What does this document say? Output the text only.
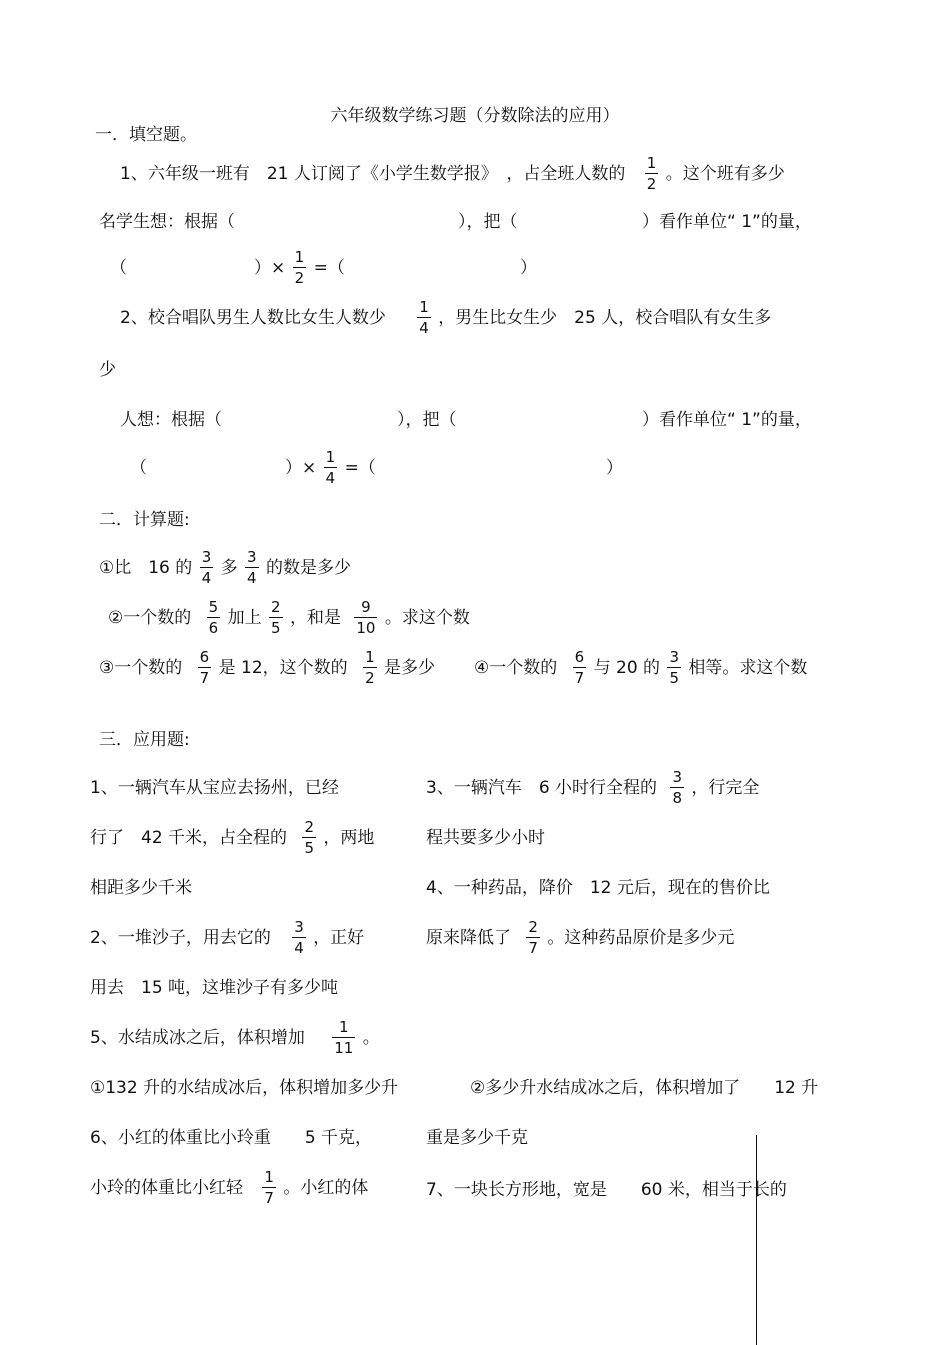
六年级数学练习题（分数除法的应用）
一．填空题。
1、六年级一班有　21 人订阅了《小学生数学报》　，占全班人数的 $\frac{1}{2}$ 。这个班有多少
名学生想：根据（	），把（	）看作单位“ 1”的量，
（	）× $\frac{1}{2}$ =（	）
2、校合唱队男生人数比女生人数少 $\frac{1}{4}$ ，男生比女生少　25 人，校合唱队有女生多
少
人想：根据（	），把（	）看作单位“ 1”的量，
（	）× $\frac{1}{4}$ =（	）
二．计算题:
①比　16 的 $\frac{3}{4}$ 多 $\frac{3}{4}$ 的数是多少
②一个数的 $\frac{5}{6}$ 加上 $\frac{2}{5}$ ，和是 $\frac{9}{10}$ 。求这个数
③一个数的 $\frac{6}{7}$ 是 12，这个数的 $\frac{1}{2}$ 是多少 ④一个数的 $\frac{6}{7}$ 与 20 的 $\frac{3}{5}$ 相等。求这个数
三．应用题:
1、一辆汽车从宝应去扬州，已经
行了　42 千米，占全程的 $\frac{2}{5}$ ，两地
相距多少千米
2、一堆沙子，用去它的 $\frac{3}{4}$ ，正好
用去　15 吨，这堆沙子有多少吨
3、一辆汽车　6 小时行全程的 $\frac{3}{8}$ ，行完全
程共要多少小时
4、一种药品，降价　12 元后，现在的售价比
原来降低了 $\frac{2}{7}$ 。这种药品原价是多少元
5、水结成冰之后，体积增加 $\frac{1}{11}$ 。
①132 升的水结成冰后，体积增加多少升	②多少升水结成冰之后，体积增加了　　12 升
6、小红的体重比小玲重　　5 千克，	重是多少千克
小玲的体重比小红轻 $\frac{1}{7}$ 。小红的体	7、一块长方形地，宽是　　60 米，相当于长的
